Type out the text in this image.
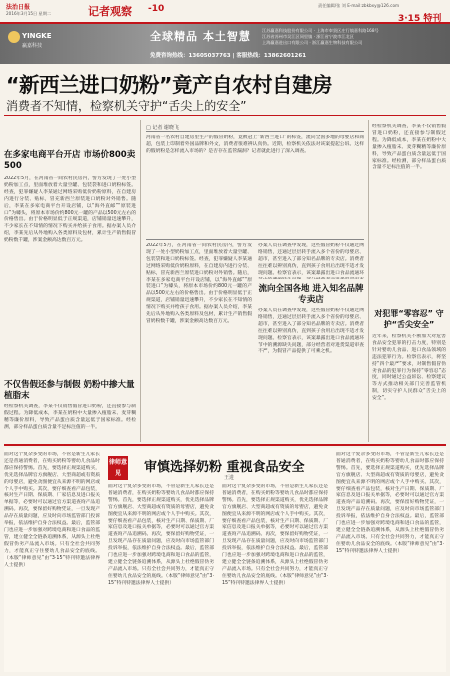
法治日报
2016年3月15日 星期二	记者观察 -10	责任编辑/张 刘 E-mail:zbkbxy@126.com
3·15 特刊
YINGKE
赢嘉科技
全球精品 本土智慧	江苏赢嘉科技股份有限公司 · 上海市奉贤区庄行镇嘉科路168号
江苏省苏州市吴江区同里镇 · 浙江省宁波市江北区
上海赢嘉进出口有限公司 · 浙江赢嘉生物科技有限公司
免费咨询热线：13605037763 | 客服热线：13862601261
“新西兰进口奶粉”竟产自农村自建房
消费者不知情，检察机关守护“舌尖上的安全”
在多家电商平台开店 市场价800卖500
2022年5月，在河南省一间农村民房内，警方发现了一处小型奶粉加工点，里面堆放着大量空罐、包装袋和进口奶粉标签。经查，犯罪嫌疑人李某通过网络采购低价奶粉原料，在自建房内进行分装、贴标，冒充新西兰原装进口奶粉对外销售。随后，李某在多家电商平台开设店铺，以“海外直邮”“原装进口”为噱头，将原本市场价约800元一罐的产品以500元左右的价格售出。由于价格明显低于正规渠道，店铺销量迅速攀升，不少家长在不知情的情况下购买并给孩子食用。据办案人员介绍，李某先后从外地购入各类原料及包材，累计生产销售假冒奶粉数千罐，涉案金额高达数百万元。
不仅售假还参与制假 奶粉中掺大量植脂末
经检察机关调查，李某不仅销售假冒进口奶粉，还直接参与制假过程。为降低成本，李某在奶粉中大量掺入植脂末、麦芽糊精等廉价原料，导致产品蛋白质含量远低于国家标准。经检测，部分样品蛋白质含量不足标注值的一半。
□ 记者 谢晓飞
河南省一名农村自建房里生产的假冒奶粉，竟被冠上“新西兰进口”的标签，流向全国多地的母婴店和商超，包装上印制着外国品牌和外文，消费者很难辨认真伪。近期，检察机关依法对该案提起公诉。这样的假奶粉是怎样流入市场的？是否存在监管漏洞？记者就此进行了深入调查。
2022年5月，在河南省一间农村民房内，警方发现了一处小型奶粉加工点，里面堆放着大量空罐、包装袋和进口奶粉标签。经查，犯罪嫌疑人李某通过网络采购低价奶粉原料，在自建房内进行分装、贴标，冒充新西兰原装进口奶粉对外销售。随后，李某在多家电商平台开设店铺，以“海外直邮”“原装进口”为噱头，将原本市场价约800元一罐的产品以500元左右的价格售出。由于价格明显低于正规渠道，店铺销量迅速攀升，不少家长在不知情的情况下购买并给孩子食用。据办案人员介绍，李某先后从外地购入各类原料及包材，累计生产销售假冒奶粉数千罐，涉案金额高达数百万元。
办案人员在调查中发现，这些假冒奶粉不仅通过网络销售，还通过层层转手流入多个省份的母婴店、超市，甚至进入了部分知名品牌的专卖店。消费者往往难以辨别真伪，直到孩子食用后出现不适才发现问题。检察官表示，该案暴露出进口食品流通环
流向全国各地 进入知名品牌专卖店
办案人员在调查中发现，这些假冒奶粉不仅通过网络销售，还通过层层转手流入多个省份的母婴店、超市，甚至进入了部分知名品牌的专卖店。消费者往往难以辨别真伪，直到孩子食用后出现不适才发现问题。检察官表示，该案暴露出进口食品流通环节中的溯源缺失问题，部分经营者对进货渠道审查不严，为假冒产品提供了可乘之机。
经检察机关调查，李某不仅销售假冒进口奶粉，还直接参与制假过程。为降低成本，李某在奶粉中大量掺入植脂末、麦芽糊精等廉价原料，导致产品蛋白质含量远低于国家标准。经检测，部分样品蛋白质含量不足标注值的一半。
对犯罪“零容忍” 守护“舌尖安全”
近年来，检察机关不断加大对危害食品安全犯罪的打击力度，特别是针对婴幼儿食品、进口食品领域的违法犯罪行为。检察官表示，将坚持“四个最严”要求，对制售假冒伪劣食品的犯罪行为保持“零容忍”态度，同时通过公益诉讼、检察建议等方式推动相关部门完善监管机制，切实守护人民群众“舌尖上的安全”。
律师意见	审慎选择奶粉 重视食品安全
王进
面对这个复杂多变的市场，不管是新生儿家长还是普通消费者，在购买奶粉等婴幼儿食品时都应保持警惕。首先，要选择正规渠道购买，优先选择品牌官方旗舰店、大型商超或有资质的母婴店，避免贪图便宜从来源不明的网店或个人手中购买。其次，要仔细查看产品包装，核对生产日期、保质期、厂家信息及进口报关单据等，必要时可以通过官方渠道查询产品追溯码。再次，要保留好购物凭证，一旦发现产品存在质量问题，应及时向市场监管部门投诉举报，依法维护自身合法权益。最后，监管部门也应进一步加强对跨境电商和进口食品的监管，建立健全全链条追溯体系，从源头上杜绝假冒伪劣产品流入市场。只有全社会共同努力，才能真正守住婴幼儿食品安全的底线。（本版“律师意见”由“3·15”特刊特邀法律界人士提供）
面对这个复杂多变的市场，不管是新生儿家长还是普通消费者，在购买奶粉等婴幼儿食品时都应保持警惕。首先，要选择正规渠道购买，优先选择品牌官方旗舰店、大型商超或有资质的母婴店，避免贪图便宜从来源不明的网店或个人手中购买。其次，要仔细查看产品包装，核对生产日期、保质期、厂家信息及进口报关单据等，必要时可以通过官方渠道查询产品追溯码。再次，要保留好购物凭证，一旦发现产品存在质量问题，应及时向市场监管部门投诉举报，依法维护自身合法权益。最后，监管部门也应进一步加强对跨境电商和进口食品的监管，建立健全全链条追溯体系，从源头上杜绝假冒伪劣产品流入市场。只有全社会共同努力，才能真正守住婴幼儿食品安全的底线。（本版“律师意见”由“3·15”特刊特邀法律界人士提供）
面对这个复杂多变的市场，不管是新生儿家长还是普通消费者，在购买奶粉等婴幼儿食品时都应保持警惕。首先，要选择正规渠道购买，优先选择品牌官方旗舰店、大型商超或有资质的母婴店，避免贪图便宜从来源不明的网店或个人手中购买。其次，要仔细查看产品包装，核对生产日期、保质期、厂家信息及进口报关单据等，必要时可以通过官方渠道查询产品追溯码。再次，要保留好购物凭证，一旦发现产品存在质量问题，应及时向市场监管部门投诉举报，依法维护自身合法权益。最后，监管部门也应进一步加强对跨境电商和进口食品的监管，建立健全全链条追溯体系，从源头上杜绝假冒伪劣产品流入市场。只有全社会共同努力，才能真正守住婴幼儿食品安全的底线。（本版“律师意见”由“3·15”特刊特邀法律界人士提供）
面对这个复杂多变的市场，不管是新生儿家长还是普通消费者，在购买奶粉等婴幼儿食品时都应保持警惕。首先，要选择正规渠道购买，优先选择品牌官方旗舰店、大型商超或有资质的母婴店，避免贪图便宜从来源不明的网店或个人手中购买。其次，要仔细查看产品包装，核对生产日期、保质期、厂家信息及进口报关单据等，必要时可以通过官方渠道查询产品追溯码。再次，要保留好购物凭证，一旦发现产品存在质量问题，应及时向市场监管部门投诉举报，依法维护自身合法权益。最后，监管部门也应进一步加强对跨境电商和进口食品的监管，建立健全全链条追溯体系，从源头上杜绝假冒伪劣产品流入市场。只有全社会共同努力，才能真正守住婴幼儿食品安全的底线。（本版“律师意见”由“3·15”特刊特邀法律界人士提供）
